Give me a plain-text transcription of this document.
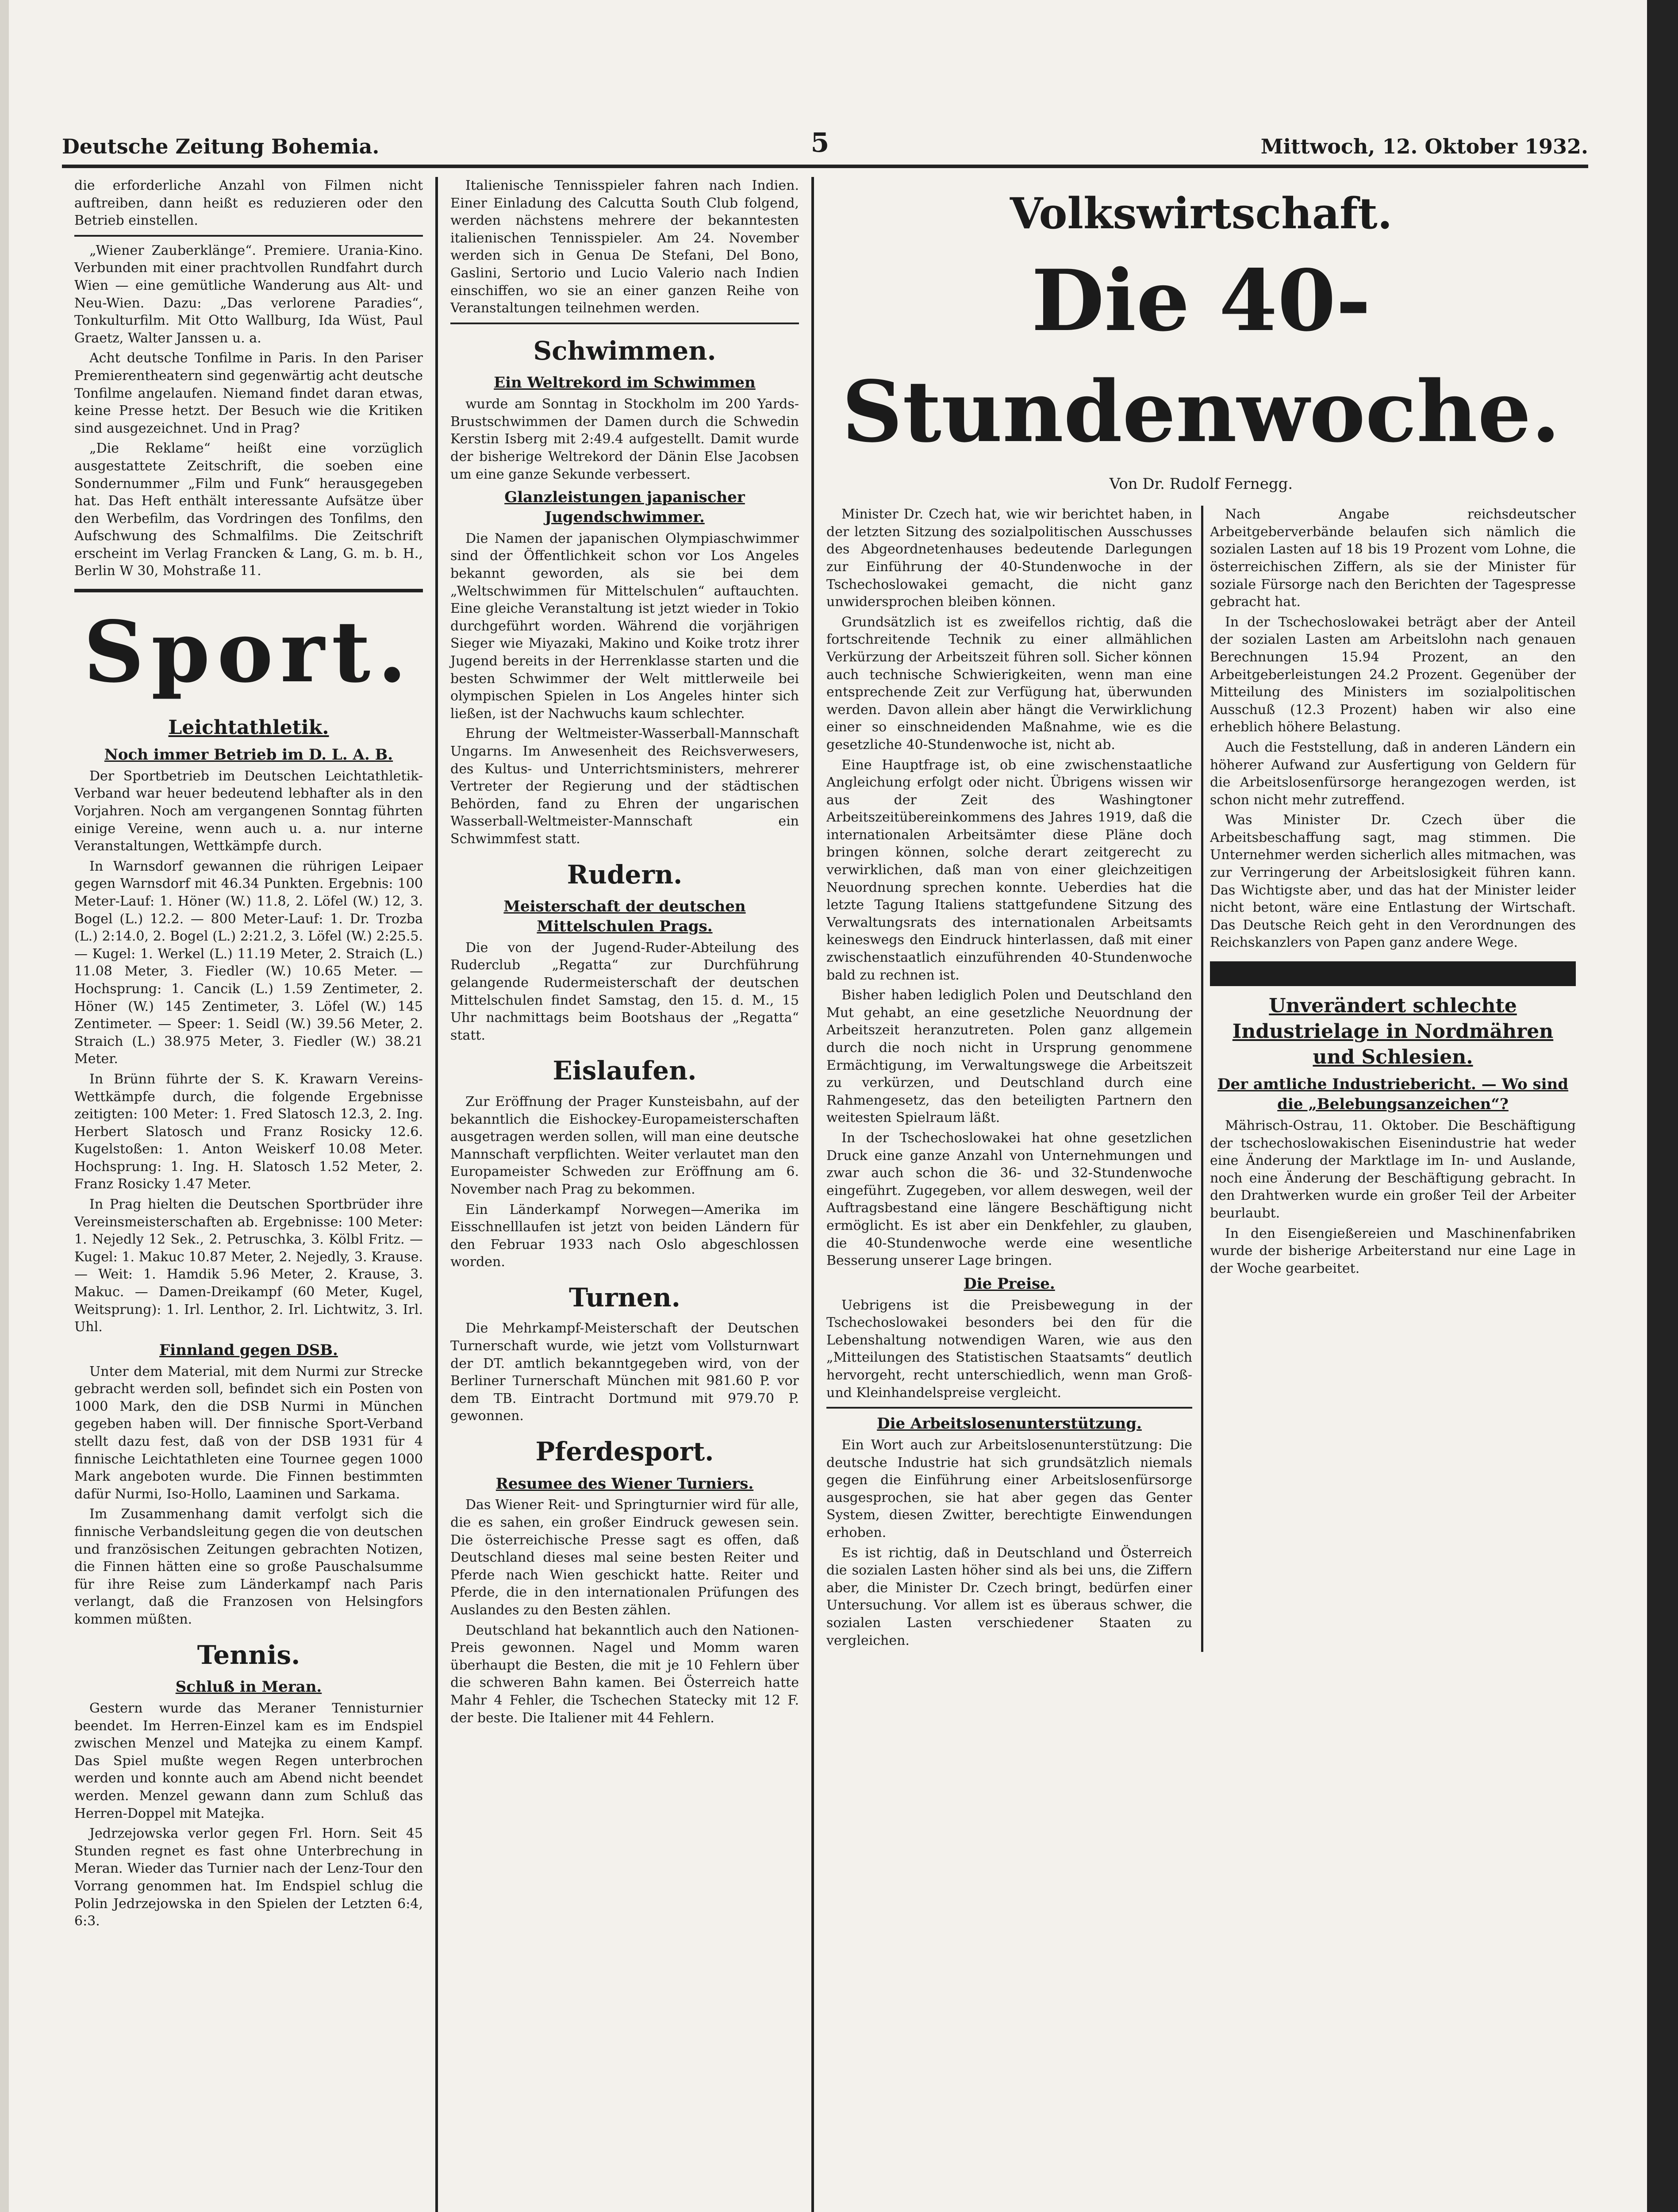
Deutsche Zeitung Bohemia.	5	Mittwoch, 12. Oktober 1932.

die erforderliche Anzahl von Filmen nicht auftreiben, dann heißt es reduzieren oder den Betrieb einstellen.

„Wiener Zauberklänge“. Premiere. Urania-Kino. Verbunden mit einer prachtvollen Rundfahrt durch Wien — eine gemütliche Wanderung aus Alt- und Neu-Wien. Dazu: „Das verlorene Paradies“, Tonkulturfilm. Mit Otto Wallburg, Ida Wüst, Paul Graetz, Walter Janssen u. a.

Acht deutsche Tonfilme in Paris. In den Pariser Premierentheatern sind gegenwärtig acht deutsche Tonfilme angelaufen. Niemand findet daran etwas, keine Presse hetzt. Der Besuch wie die Kritiken sind ausgezeichnet. Und in Prag?

„Die Reklame“ heißt eine vorzüglich ausgestattete Zeitschrift, die soeben eine Sondernummer „Film und Funk“ herausgegeben hat. Das Heft enthält interessante Aufsätze über den Werbefilm, das Vordringen des Tonfilms, den Aufschwung des Schmalfilms. Die Zeitschrift erscheint im Verlag Francken & Lang, G. m. b. H., Berlin W 30, Mohstraße 11.

Sport.
Leichtathletik.
Noch immer Betrieb im D. L. A. B.

Der Sportbetrieb im Deutschen Leichtathletik-Verband war heuer bedeutend lebhafter als in den Vorjahren. Noch am vergangenen Sonntag führten einige Vereine, wenn auch u. a. nur interne Veranstaltungen, Wettkämpfe durch.

In Warnsdorf gewannen die rührigen Leipaer gegen Warnsdorf mit 46.34 Punkten. Ergebnis: 100 Meter-Lauf: 1. Höner (W.) 11.8, 2. Löfel (W.) 12, 3. Bogel (L.) 12.2. — 800 Meter-Lauf: 1. Dr. Trozba (L.) 2:14.0, 2. Bogel (L.) 2:21.2, 3. Löfel (W.) 2:25.5. — Kugel: 1. Werkel (L.) 11.19 Meter, 2. Straich (L.) 11.08 Meter, 3. Fiedler (W.) 10.65 Meter. — Hochsprung: 1. Cancik (L.) 1.59 Zentimeter, 2. Höner (W.) 145 Zentimeter, 3. Löfel (W.) 145 Zentimeter. — Speer: 1. Seidl (W.) 39.56 Meter, 2. Straich (L.) 38.975 Meter, 3. Fiedler (W.) 38.21 Meter.

In Brünn führte der S. K. Krawarn Vereins-Wettkämpfe durch, die folgende Ergebnisse zeitigten: 100 Meter: 1. Fred Slatosch 12.3, 2. Ing. Herbert Slatosch und Franz Rosicky 12.6. Kugelstoßen: 1. Anton Weiskerf 10.08 Meter. Hochsprung: 1. Ing. H. Slatosch 1.52 Meter, 2. Franz Rosicky 1.47 Meter.

In Prag hielten die Deutschen Sportbrüder ihre Vereinsmeisterschaften ab. Ergebnisse: 100 Meter: 1. Nejedly 12 Sek., 2. Petruschka, 3. Kölbl Fritz. — Kugel: 1. Makuc 10.87 Meter, 2. Nejedly, 3. Krause. — Weit: 1. Hamdik 5.96 Meter, 2. Krause, 3. Makuc. — Damen-Dreikampf (60 Meter, Kugel, Weitsprung): 1. Irl. Lenthor, 2. Irl. Lichtwitz, 3. Irl. Uhl.

Finnland gegen DSB.

Unter dem Material, mit dem Nurmi zur Strecke gebracht werden soll, befindet sich ein Posten von 1000 Mark, den die DSB Nurmi in München gegeben haben will. Der finnische Sport-Verband stellt dazu fest, daß von der DSB 1931 für 4 finnische Leichtathleten eine Tournee gegen 1000 Mark angeboten wurde. Die Finnen bestimmten dafür Nurmi, Iso-Hollo, Laaminen und Sarkama.

Im Zusammenhang damit verfolgt sich die finnische Verbandsleitung gegen die von deutschen und französischen Zeitungen gebrachten Notizen, die Finnen hätten eine so große Pauschalsumme für ihre Reise zum Länderkampf nach Paris verlangt, daß die Franzosen von Helsingfors kommen müßten.

Tennis.
Schluß in Meran.

Gestern wurde das Meraner Tennisturnier beendet. Im Herren-Einzel kam es im Endspiel zwischen Menzel und Matejka zu einem Kampf. Das Spiel mußte wegen Regen unterbrochen werden und konnte auch am Abend nicht beendet werden. Menzel gewann dann zum Schluß das Herren-Doppel mit Matejka.

Jedrzejowska verlor gegen Frl. Horn. Seit 45 Stunden regnet es fast ohne Unterbrechung in Meran. Wieder das Turnier nach der Lenz-Tour den Vorrang genommen hat. Im Endspiel schlug die Polin Jedrzejowska in den Spielen der Letzten 6:4, 6:3.

Italienische Tennisspieler fahren nach Indien. Einer Einladung des Calcutta South Club folgend, werden nächstens mehrere der bekanntesten italienischen Tennisspieler. Am 24. November werden sich in Genua De Stefani, Del Bono, Gaslini, Sertorio und Lucio Valerio nach Indien einschiffen, wo sie an einer ganzen Reihe von Veranstaltungen teilnehmen werden.

Schwimmen.
Ein Weltrekord im Schwimmen

wurde am Sonntag in Stockholm im 200 Yards-Brustschwimmen der Damen durch die Schwedin Kerstin Isberg mit 2:49.4 aufgestellt. Damit wurde der bisherige Weltrekord der Dänin Else Jacobsen um eine ganze Sekunde verbessert.

Glanzleistungen japanischer Jugendschwimmer.

Die Namen der japanischen Olympiaschwimmer sind der Öffentlichkeit schon vor Los Angeles bekannt geworden, als sie bei dem „Weltschwimmen für Mittelschulen“ auftauchten. Eine gleiche Veranstaltung ist jetzt wieder in Tokio durchgeführt worden. Während die vorjährigen Sieger wie Miyazaki, Makino und Koike trotz ihrer Jugend bereits in der Herrenklasse starten und die besten Schwimmer der Welt mittlerweile bei olympischen Spielen in Los Angeles hinter sich ließen, ist der Nachwuchs kaum schlechter.

Ehrung der Weltmeister-Wasserball-Mannschaft Ungarns. Im Anwesenheit des Reichsverwesers, des Kultus- und Unterrichtsministers, mehrerer Vertreter der Regierung und der städtischen Behörden, fand zu Ehren der ungarischen Wasserball-Weltmeister-Mannschaft ein Schwimmfest statt.

Rudern.
Meisterschaft der deutschen Mittelschulen Prags.

Die von der Jugend-Ruder-Abteilung des Ruderclub „Regatta“ zur Durchführung gelangende Rudermeisterschaft der deutschen Mittelschulen findet Samstag, den 15. d. M., 15 Uhr nachmittags beim Bootshaus der „Regatta“ statt.

Eislaufen.

Zur Eröffnung der Prager Kunsteisbahn, auf der bekanntlich die Eishockey-Europameisterschaften ausgetragen werden sollen, will man eine deutsche Mannschaft verpflichten. Weiter verlautet man den Europameister Schweden zur Eröffnung am 6. November nach Prag zu bekommen.

Ein Länderkampf Norwegen—Amerika im Eisschnelllaufen ist jetzt von beiden Ländern für den Februar 1933 nach Oslo abgeschlossen worden.

Turnen.

Die Mehrkampf-Meisterschaft der Deutschen Turnerschaft wurde, wie jetzt vom Vollsturnwart der DT. amtlich bekanntgegeben wird, von der Berliner Turnerschaft München mit 981.60 P. vor dem TB. Eintracht Dortmund mit 979.70 P. gewonnen.

Pferdesport.
Resumee des Wiener Turniers.

Das Wiener Reit- und Springturnier wird für alle, die es sahen, ein großer Eindruck gewesen sein. Die österreichische Presse sagt es offen, daß Deutschland dieses mal seine besten Reiter und Pferde nach Wien geschickt hatte. Reiter und Pferde, die in den internationalen Prüfungen des Auslandes zu den Besten zählen.

Deutschland hat bekanntlich auch den Nationen-Preis gewonnen. Nagel und Momm waren überhaupt die Besten, die mit je 10 Fehlern über die schweren Bahn kamen. Bei Österreich hatte Mahr 4 Fehler, die Tschechen Statecky mit 12 F. der beste. Die Italiener mit 44 Fehlern.

Volkswirtschaft.
Die 40-Stundenwoche.
Von Dr. Rudolf Fernegg.

Minister Dr. Czech hat, wie wir berichtet haben, in der letzten Sitzung des sozialpolitischen Ausschusses des Abgeordnetenhauses bedeutende Darlegungen zur Einführung der 40-Stundenwoche in der Tschechoslowakei gemacht, die nicht ganz unwidersprochen bleiben können.

Grundsätzlich ist es zweifellos richtig, daß die fortschreitende Technik zu einer allmählichen Verkürzung der Arbeitszeit führen soll. Sicher können auch technische Schwierigkeiten, wenn man eine entsprechende Zeit zur Verfügung hat, überwunden werden. Davon allein aber hängt die Verwirklichung einer so einschneidenden Maßnahme, wie es die gesetzliche 40-Stundenwoche ist, nicht ab.

Eine Hauptfrage ist, ob eine zwischenstaatliche Angleichung erfolgt oder nicht. Übrigens wissen wir aus der Zeit des Washingtoner Arbeitszeitübereinkommens des Jahres 1919, daß die internationalen Arbeitsämter diese Pläne doch bringen können, solche derart zeitgerecht zu verwirklichen, daß man von einer gleichzeitigen Neuordnung sprechen konnte. Ueberdies hat die letzte Tagung Italiens stattgefundene Sitzung des Verwaltungsrats des internationalen Arbeitsamts keineswegs den Eindruck hinterlassen, daß mit einer zwischenstaatlich einzuführenden 40-Stundenwoche bald zu rechnen ist.

Bisher haben lediglich Polen und Deutschland den Mut gehabt, an eine gesetzliche Neuordnung der Arbeitszeit heranzutreten. Polen ganz allgemein durch die noch nicht in Ursprung genommene Ermächtigung, im Verwaltungswege die Arbeitszeit zu verkürzen, und Deutschland durch eine Rahmengesetz, das den beteiligten Partnern den weitesten Spielraum läßt.

In der Tschechoslowakei hat ohne gesetzlichen Druck eine ganze Anzahl von Unternehmungen und zwar auch schon die 36- und 32-Stundenwoche eingeführt. Zugegeben, vor allem deswegen, weil der Auftragsbestand eine längere Beschäftigung nicht ermöglicht. Es ist aber ein Denkfehler, zu glauben, die 40-Stundenwoche werde eine wesentliche Besserung unserer Lage bringen.

Die Preise.

Uebrigens ist die Preisbewegung in der Tschechoslowakei besonders bei den für die Lebenshaltung notwendigen Waren, wie aus den „Mitteilungen des Statistischen Staatsamts“ deutlich hervorgeht, recht unterschiedlich, wenn man Groß- und Kleinhandelspreise vergleicht.

Die Arbeitslosenunterstützung.

Ein Wort auch zur Arbeitslosenunterstützung: Die deutsche Industrie hat sich grundsätzlich niemals gegen die Einführung einer Arbeitslosenfürsorge ausgesprochen, sie hat aber gegen das Genter System, diesen Zwitter, berechtigte Einwendungen erhoben.

Es ist richtig, daß in Deutschland und Österreich die sozialen Lasten höher sind als bei uns, die Ziffern aber, die Minister Dr. Czech bringt, bedürfen einer Untersuchung. Vor allem ist es überaus schwer, die sozialen Lasten verschiedener Staaten zu vergleichen.

Nach Angabe reichsdeutscher Arbeitgeberverbände belaufen sich nämlich die sozialen Lasten auf 18 bis 19 Prozent vom Lohne, die österreichischen Ziffern, als sie der Minister für soziale Fürsorge nach den Berichten der Tagespresse gebracht hat.

In der Tschechoslowakei beträgt aber der Anteil der sozialen Lasten am Arbeitslohn nach genauen Berechnungen 15.94 Prozent, an den Arbeitgeberleistungen 24.2 Prozent. Gegenüber der Mitteilung des Ministers im sozialpolitischen Ausschuß (12.3 Prozent) haben wir also eine erheblich höhere Belastung.

Auch die Feststellung, daß in anderen Ländern ein höherer Aufwand zur Ausfertigung von Geldern für die Arbeitslosenfürsorge herangezogen werden, ist schon nicht mehr zutreffend.

Was Minister Dr. Czech über die Arbeitsbeschaffung sagt, mag stimmen. Die Unternehmer werden sicherlich alles mitmachen, was zur Verringerung der Arbeitslosigkeit führen kann. Das Wichtigste aber, und das hat der Minister leider nicht betont, wäre eine Entlastung der Wirtschaft. Das Deutsche Reich geht in den Verordnungen des Reichskanzlers von Papen ganz andere Wege.

Unverändert schlechte Industrielage in Nordmähren und Schlesien.
Der amtliche Industriebericht. — Wo sind die „Belebungsanzeichen“?

Mährisch-Ostrau, 11. Oktober. Die Beschäftigung der tschechoslowakischen Eisenindustrie hat weder eine Änderung der Marktlage im In- und Auslande, noch eine Änderung der Beschäftigung gebracht. In den Drahtwerken wurde ein großer Teil der Arbeiter beurlaubt.

In den Eisengießereien und Maschinenfabriken wurde der bisherige Arbeiterstand nur eine Lage in der Woche gearbeitet.
